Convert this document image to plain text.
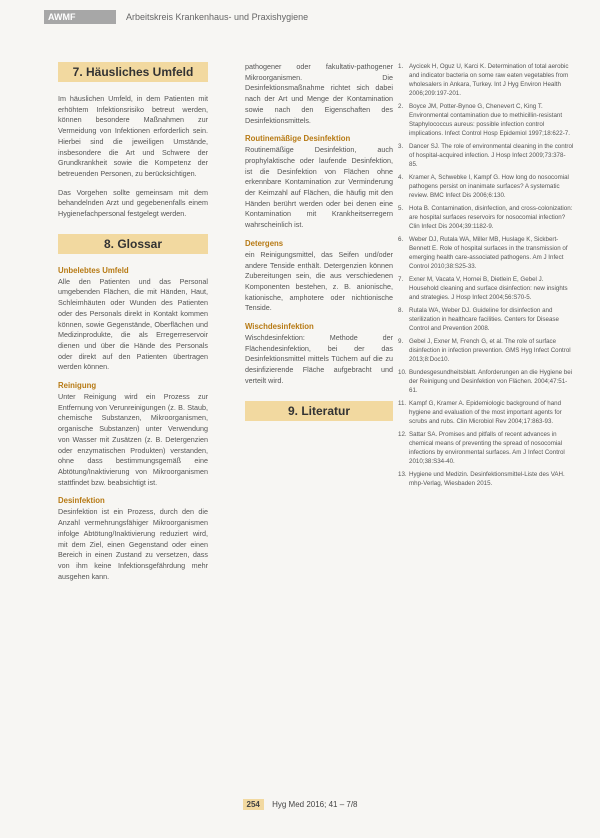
AWMF	Arbeitskreis Krankenhaus- und Praxishygiene
7. Häusliches Umfeld

Im häuslichen Umfeld, in dem Patienten mit erhöhtem Infektionsrisiko betreut werden, können besondere Maßnahmen zur Vermeidung von Infektionen erforderlich sein. Hierbei sind die jeweiligen Umstände, insbesondere die Art und Schwere der Grundkrankheit sowie die Kompetenz der betreuenden Personen, zu berücksichtigen.

Das Vorgehen sollte gemeinsam mit dem behandelnden Arzt und gegebenenfalls einem Hygienefachpersonal festgelegt werden.

8. Glossar
Unbelebtes Umfeld

Alle den Patienten und das Personal umgebenden Flächen, die mit Händen, Haut, Schleimhäuten oder Wunden des Patienten oder des Personals direkt in Kontakt kommen können, sowie Gegenstände, Oberflächen und Medizinprodukte, die als Erregerreservoir dienen und über die Hände des Personals oder direkt auf den Patienten übertragen werden können.

Reinigung

Unter Reinigung wird ein Prozess zur Entfernung von Verunreinigungen (z. B. Staub, chemische Substanzen, Mikroorganismen, organische Substanzen) unter Verwendung von Wasser mit Zusätzen (z. B. Detergenzien oder enzymatischen Produkten) verstanden, ohne dass bestimmungsgemäß eine Abtötung/Inaktivierung von Mikroorganismen stattfindet bzw. beabsichtigt ist.

Desinfektion

Desinfektion ist ein Prozess, durch den die Anzahl vermehrungsfähiger Mikroorganismen infolge Abtötung/Inaktivierung reduziert wird, mit dem Ziel, einen Gegenstand oder einen Bereich in einen Zustand zu versetzen, dass von ihm keine Infektionsgefährdung mehr ausgehen kann.

pathogener oder fakultativ-pathogener Mikroorganismen. Die Desinfektionsmaßnahme richtet sich dabei nach der Art und Menge der Kontamination sowie nach den Eigenschaften des Desinfektionsmittels.

Routinemäßige Desinfektion

Routinemäßige Desinfektion, auch prophylaktische oder laufende Desinfektion, ist die Desinfektion von Flächen ohne erkennbare Kontamination zur Verminderung der Keimzahl auf Flächen, die häufig mit den Händen berührt werden oder bei denen eine Kontamination mit Krankheitserregern wahrscheinlich ist.

Detergens

ein Reinigungsmittel, das Seifen und/oder andere Tenside enthält. Detergenzien können Zubereitungen sein, die aus verschiedenen Komponenten bestehen, z. B. anionische, kationische, amphotere oder nichtionische Tenside.

Wischdesinfektion

Wischdesinfektion: Methode der Flächendesinfektion, bei der das Desinfektionsmittel mittels Tüchern auf die zu desinfizierende Fläche aufgebracht und verteilt wird.

9. Literatur

1. Aycicek H, Oguz U, Karci K. Determination of total aerobic and indicator bacteria on some raw eaten vegetables from wholesalers in Ankara, Turkey. Int J Hyg Environ Health 2006;209:197-201.

2. Boyce JM, Potter-Bynoe G, Chenevert C, King T. Environmental contamination due to methicillin-resistant Staphylococcus aureus: possible infection control implications. Infect Control Hosp Epidemiol 1997;18:622-7.

3. Dancer SJ. The role of environmental cleaning in the control of hospital-acquired infection. J Hosp Infect 2009;73:378-85.

4. Kramer A, Schwebke I, Kampf G. How long do nosocomial pathogens persist on inanimate surfaces? A systematic review. BMC Infect Dis 2006;6:130.

5. Hota B. Contamination, disinfection, and cross-colonization: are hospital surfaces reservoirs for nosocomial infection? Clin Infect Dis 2004;39:1182-9.

6. Weber DJ, Rutala WA, Miller MB, Huslage K, Sickbert-Bennett E. Role of hospital surfaces in the transmission of emerging health care-associated pathogens. Am J Infect Control 2010;38:S25-33.

7. Exner M, Vacata V, Hornei B, Dietlein E, Gebel J. Household cleaning and surface disinfection: new insights and strategies. J Hosp Infect 2004;56:S70-5.

8. Rutala WA, Weber DJ. Guideline for disinfection and sterilization in healthcare facilities. Centers for Disease Control and Prevention 2008.

9. Gebel J, Exner M, French G, et al. The role of surface disinfection in infection prevention. GMS Hyg Infect Control 2013;8:Doc10.

10. Bundesgesundheitsblatt. Anforderungen an die Hygiene bei der Reinigung und Desinfektion von Flächen. 2004;47:51-61.

11. Kampf G, Kramer A. Epidemiologic background of hand hygiene and evaluation of the most important agents for scrubs and rubs. Clin Microbiol Rev 2004;17:863-93.

12. Sattar SA. Promises and pitfalls of recent advances in chemical means of preventing the spread of nosocomial infections by environmental surfaces. Am J Infect Control 2010;38:S34-40.

13. Hygiene und Medizin. Desinfektionsmittel-Liste des VAH. mhp-Verlag, Wiesbaden 2015.

254 Hyg Med 2016; 41 – 7/8
